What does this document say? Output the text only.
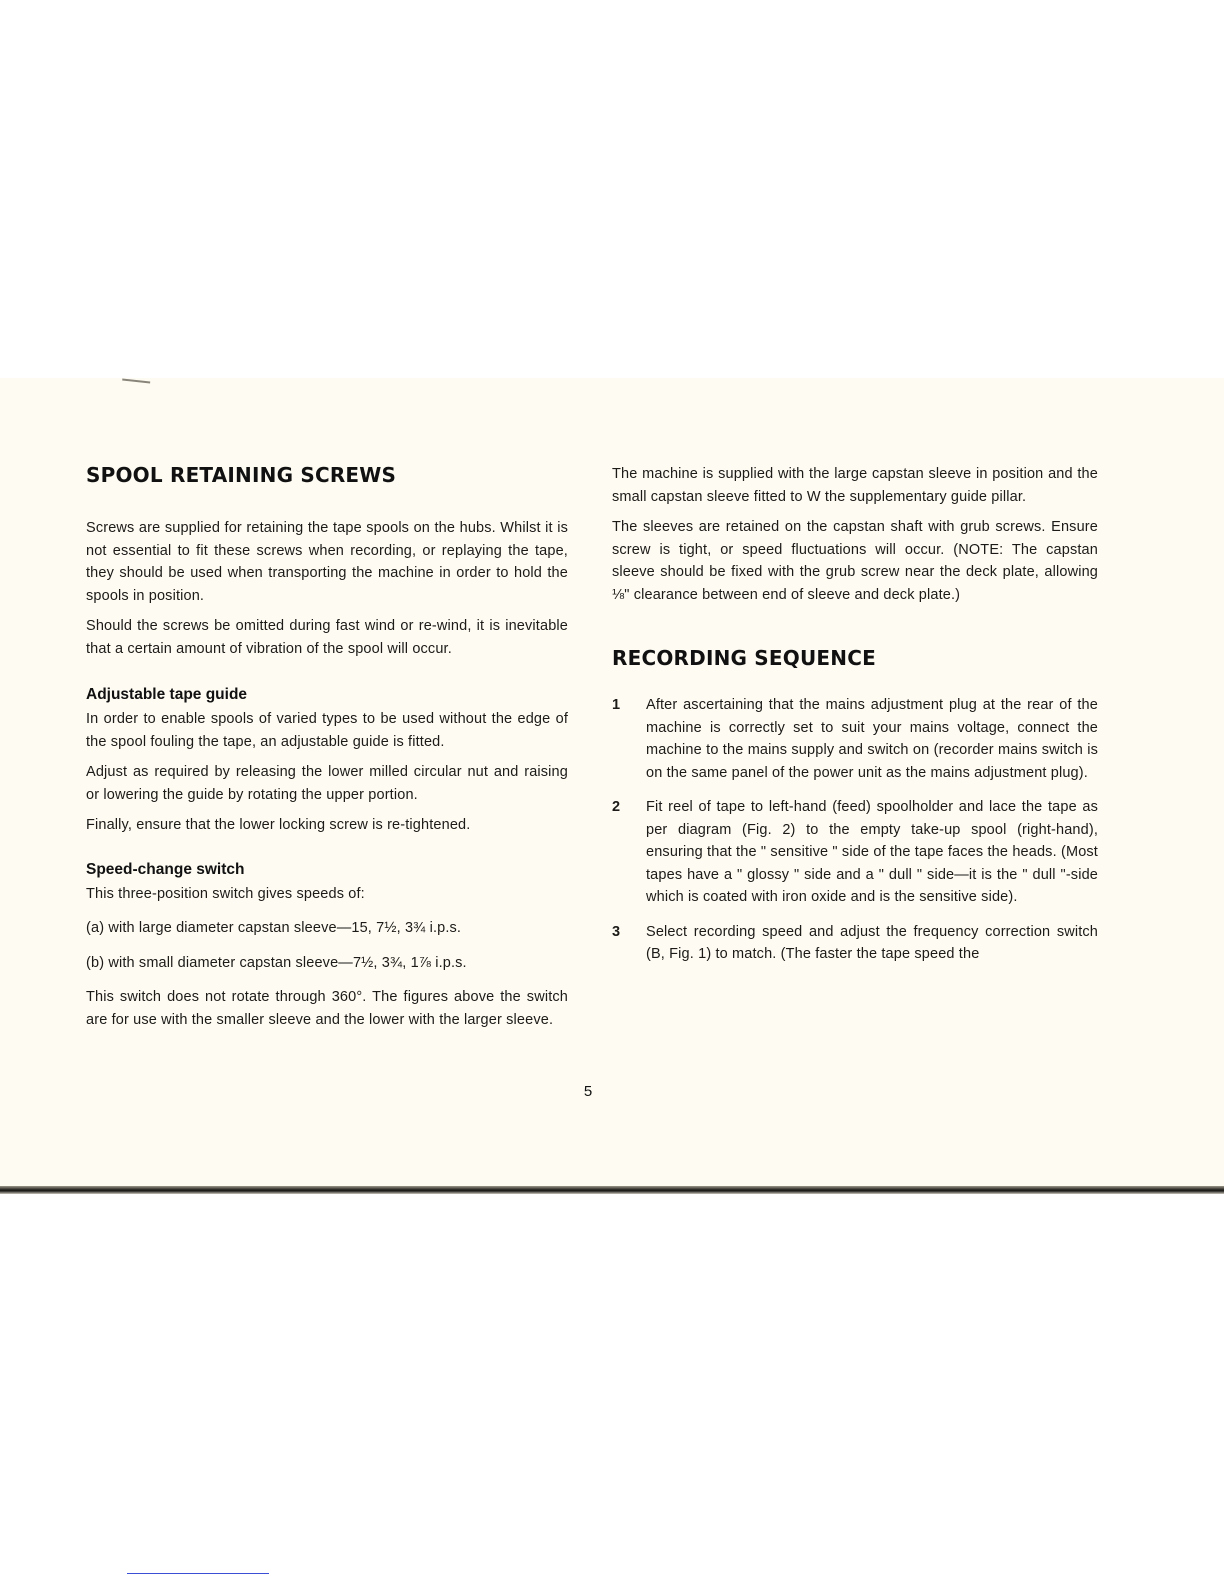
SPOOL RETAINING SCREWS

Screws are supplied for retaining the tape spools on the hubs. Whilst it is not essential to fit these screws when recording, or replaying the tape, they should be used when transporting the machine in order to hold the spools in position.

Should the screws be omitted during fast wind or re-wind, it is inevitable that a certain amount of vibration of the spool will occur.

Adjustable tape guide

In order to enable spools of varied types to be used without the edge of the spool fouling the tape, an adjustable guide is fitted.

Adjust as required by releasing the lower milled circular nut and raising or lowering the guide by rotating the upper portion.

Finally, ensure that the lower locking screw is re-tightened.

Speed-change switch

This three-position switch gives speeds of:

(a) with large diameter capstan sleeve—15, 7½, 3¾ i.p.s.

(b) with small diameter capstan sleeve—7½, 3¾, 1⅞ i.p.s.

This switch does not rotate through 360°. The figures above the switch are for use with the smaller sleeve and the lower with the larger sleeve.

The machine is supplied with the large capstan sleeve in position and the small capstan sleeve fitted to W the supplementary guide pillar.

The sleeves are retained on the capstan shaft with grub screws. Ensure screw is tight, or speed fluctuations will occur. (NOTE: The capstan sleeve should be fixed with the grub screw near the deck plate, allowing ⅛" clearance between end of sleeve and deck plate.)

RECORDING SEQUENCE
1	After ascertaining that the mains adjustment plug at the rear of the machine is correctly set to suit your mains voltage, connect the machine to the mains supply and switch on (recorder mains switch is on the same panel of the power unit as the mains adjustment plug).

2	Fit reel of tape to left-hand (feed) spoolholder and lace the tape as per diagram (Fig. 2) to the empty take-up spool (right-hand), ensuring that the " sensitive " side of the tape faces the heads. (Most tapes have a " glossy " side and a " dull " side—it is the " dull "-side which is coated with iron oxide and is the sensitive side).

3	Select recording speed and adjust the frequency correction switch (B, Fig. 1) to match. (The faster the tape speed the

5
